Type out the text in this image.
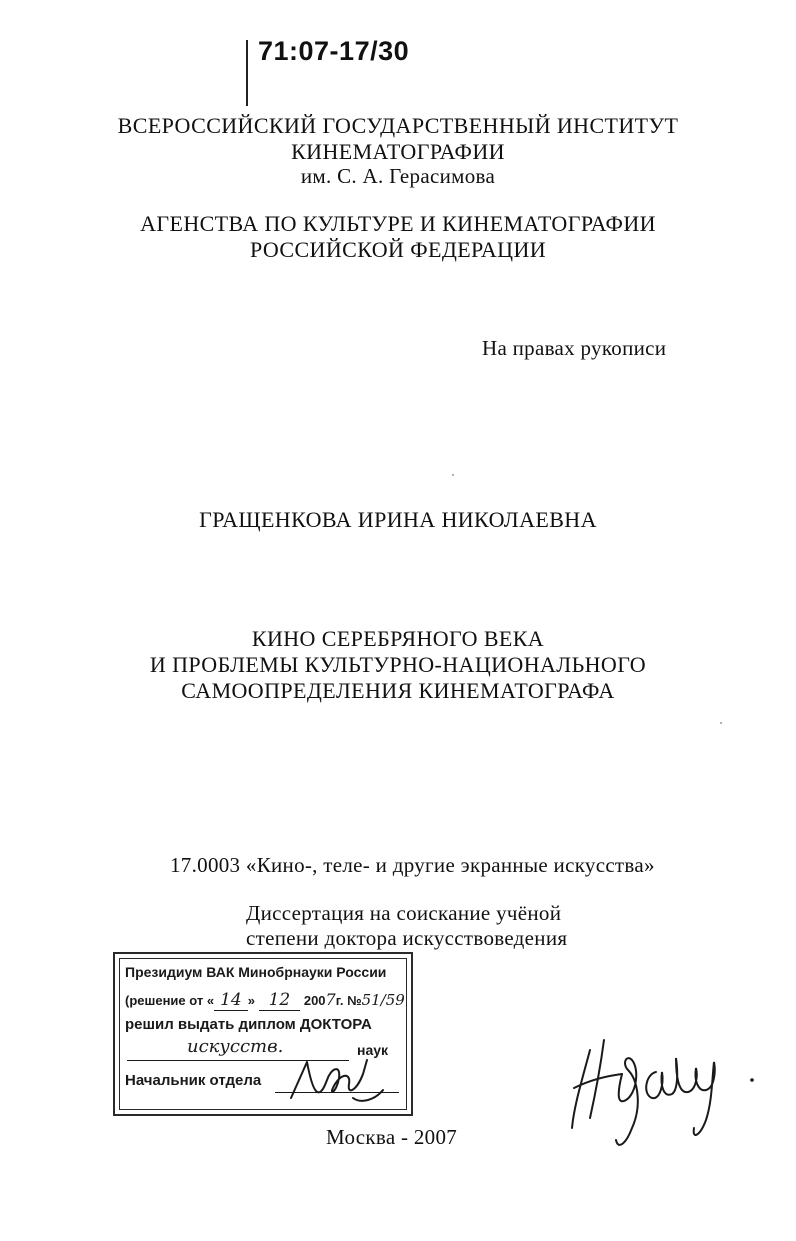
71:07-17/30
ВСЕРОССИЙСКИЙ ГОСУДАРСТВЕННЫЙ ИНСТИТУТ
КИНЕМАТОГРАФИИ
им. С. А. Герасимова
АГЕНСТВА ПО КУЛЬТУРЕ И КИНЕМАТОГРАФИИ
РОССИЙСКОЙ ФЕДЕРАЦИИ
На правах рукописи
ГРАЩЕНКОВА ИРИНА НИКОЛАЕВНА
КИНО СЕРЕБРЯНОГО ВЕКА
И ПРОБЛЕМЫ КУЛЬТУРНО-НАЦИОНАЛЬНОГО
САМООПРЕДЕЛЕНИЯ КИНЕМАТОГРАФА
17.0003 «Кино-, теле- и другие экранные искусства»
Диссертация на соискание учёной
степени доктора искусствоведения
Президиум ВАК Минобрнауки России
(решение от « 14 » 12 2007г. №51/59
решил выдать диплом ДОКТОРА
искусств.	наук
Начальник отдела
Москва - 2007
